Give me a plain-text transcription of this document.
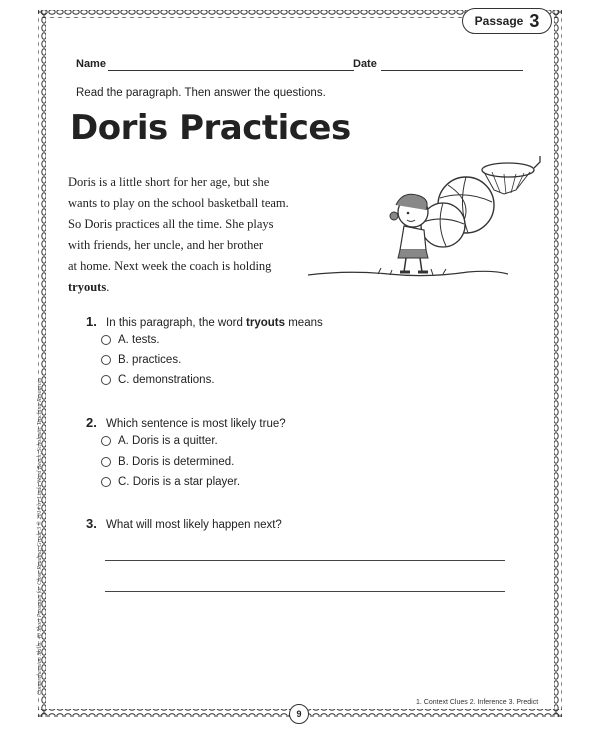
Passage 3
Name	Date
Read the paragraph. Then answer the questions.
Doris Practices
Doris is a little short for her age, but she
wants to play on the school basketball team.
So Doris practices all the time. She plays
with friends, her uncle, and her brother
at home. Next week the coach is holding
tryouts.
1. In this paragraph, the word tryouts means
A. tests.
B. practices.
C. demonstrations.
2. Which sentence is most likely true?
A. Doris is a quitter.
B. Doris is determined.
C. Doris is a star player.
3. What will most likely happen next?
1. Context Clues 2. Inference 3. Predict
9
Comprehension Skills: 40 Short Passages for Close Reading, Grade 3 © 2014 by Linda Ward Beech, Scholastic Teaching Resources
